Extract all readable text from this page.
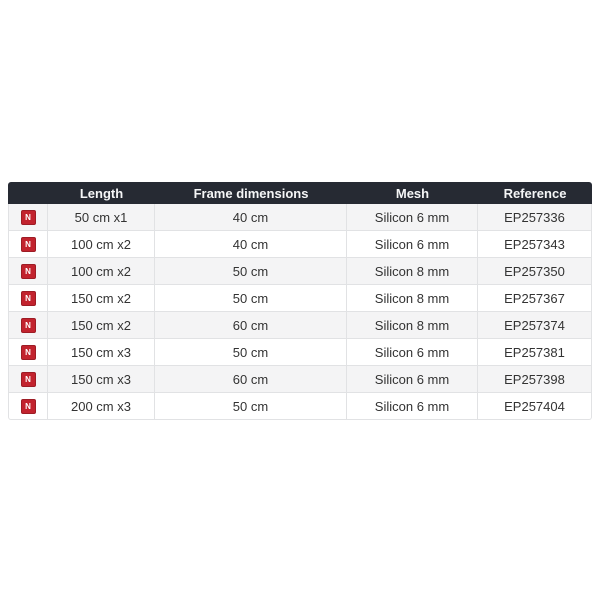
	Length	Frame dimensions	Mesh	Reference
N	50 cm x1	40 cm	Silicon 6 mm	EP257336
N	100 cm x2	40 cm	Silicon 6 mm	EP257343
N	100 cm x2	50 cm	Silicon 8 mm	EP257350
N	150 cm x2	50 cm	Silicon 8 mm	EP257367
N	150 cm x2	60 cm	Silicon 8 mm	EP257374
N	150 cm x3	50 cm	Silicon 6 mm	EP257381
N	150 cm x3	60 cm	Silicon 6 mm	EP257398
N	200 cm x3	50 cm	Silicon 6 mm	EP257404
